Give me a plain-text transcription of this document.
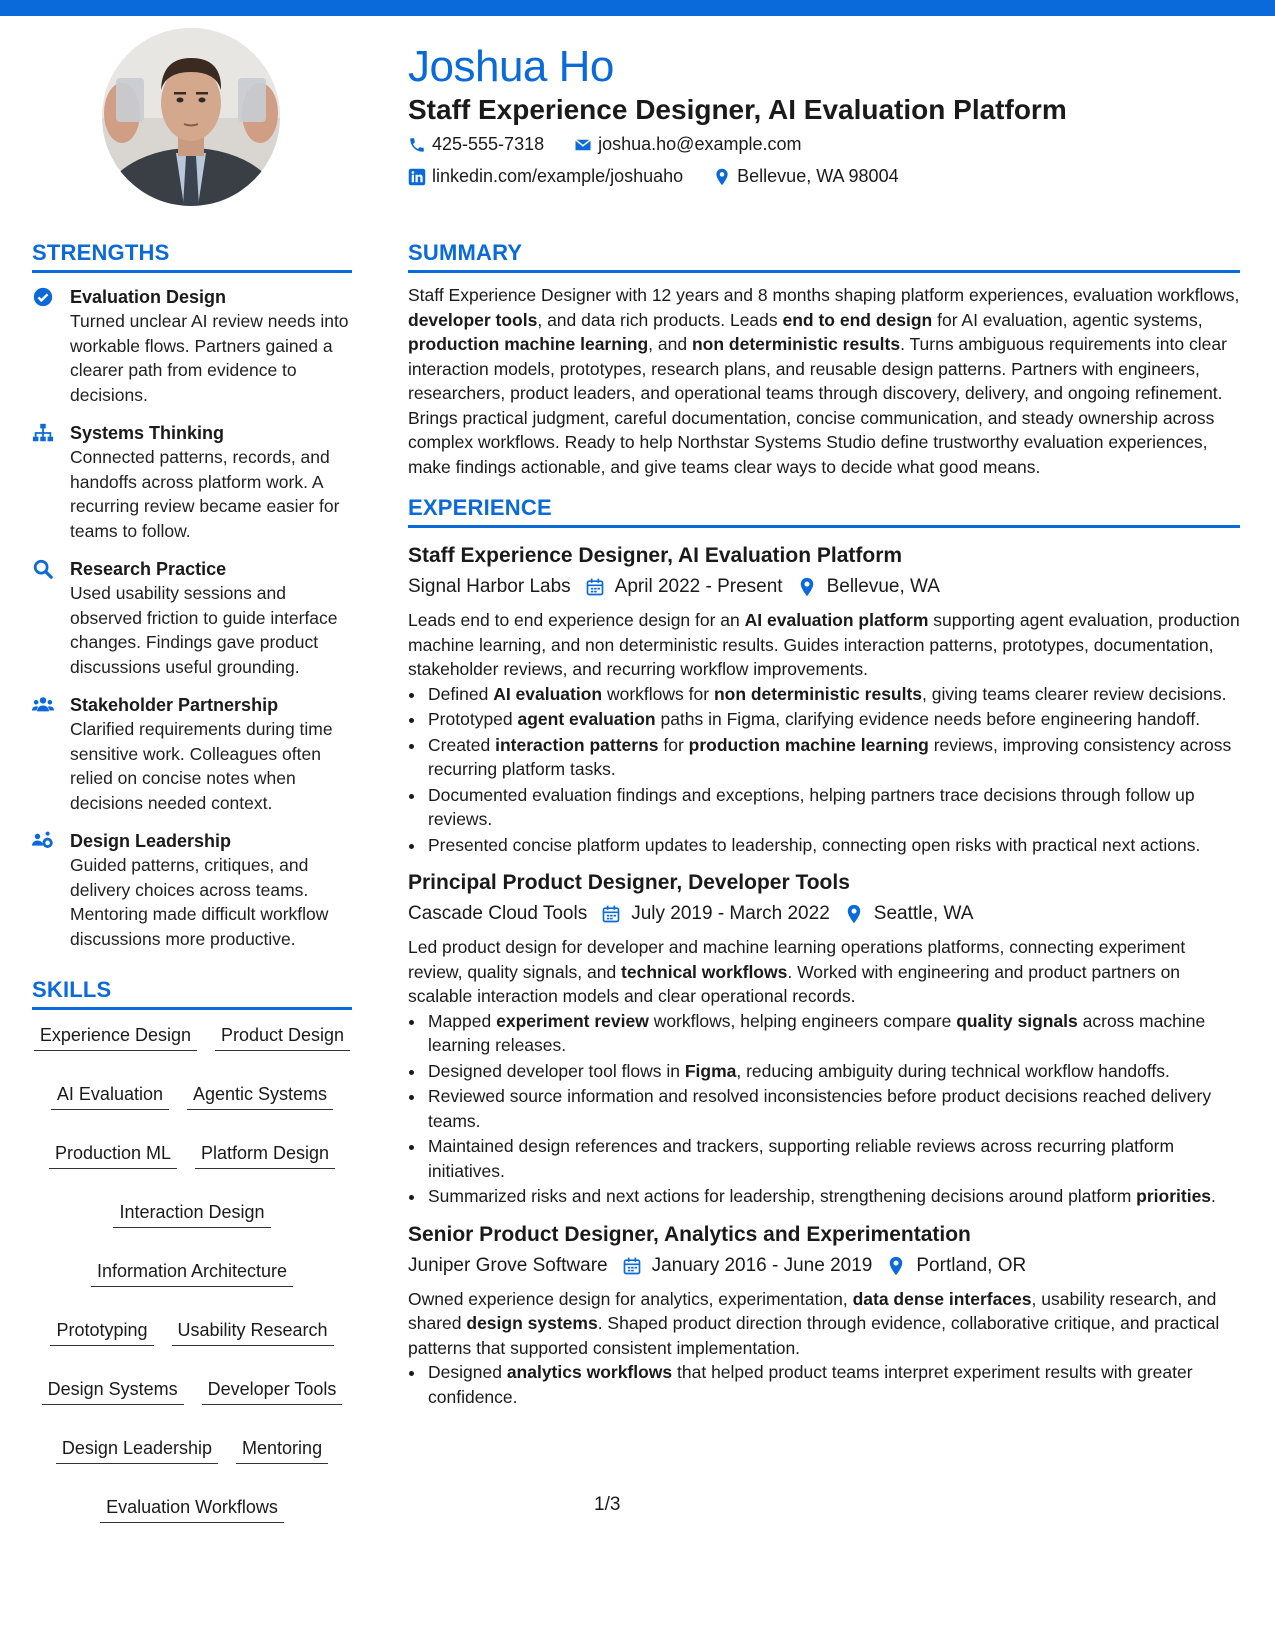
Joshua Ho
Staff Experience Designer, AI Evaluation Platform
425-555-7318	joshua.ho@example.com
linkedin.com/example/joshuaho	Bellevue, WA 98004
STRENGTHS

Evaluation Design

Turned unclear AI review needs into workable flows. Partners gained a clearer path from evidence to decisions.

Systems Thinking

Connected patterns, records, and handoffs across platform work. A recurring review became easier for teams to follow.

Research Practice

Used usability sessions and observed friction to guide interface changes. Findings gave product discussions useful grounding.

Stakeholder Partnership

Clarified requirements during time sensitive work. Colleagues often relied on concise notes when decisions needed context.

Design Leadership

Guided patterns, critiques, and delivery choices across teams. Mentoring made difficult workflow discussions more productive.

SKILLS
Experience Design	Product Design
AI Evaluation	Agentic Systems
Production ML	Platform Design
Interaction Design
Information Architecture
Prototyping	Usability Research
Design Systems	Developer Tools
Design Leadership	Mentoring
Evaluation Workflows
SUMMARY

Staff Experience Designer with 12 years and 8 months shaping platform experiences, evaluation workflows, developer tools, and data rich products. Leads end to end design for AI evaluation, agentic systems, production machine learning, and non deterministic results. Turns ambiguous requirements into clear interaction models, prototypes, research plans, and reusable design patterns. Partners with engineers, researchers, product leaders, and operational teams through discovery, delivery, and ongoing refinement. Brings practical judgment, careful documentation, concise communication, and steady ownership across complex workflows. Ready to help Northstar Systems Studio define trustworthy evaluation experiences, make findings actionable, and give teams clear ways to decide what good means.

EXPERIENCE

Staff Experience Designer, AI Evaluation Platform

Signal Harbor Labs April 2022 - Present Bellevue, WA

Leads end to end experience design for an AI evaluation platform supporting agent evaluation, production machine learning, and non deterministic results. Guides interaction patterns, prototypes, documentation, stakeholder reviews, and recurring workflow improvements.

• Defined AI evaluation workflows for non deterministic results, giving teams clearer review decisions.
• Prototyped agent evaluation paths in Figma, clarifying evidence needs before engineering handoff.
• Created interaction patterns for production machine learning reviews, improving consistency across recurring platform tasks.
• Documented evaluation findings and exceptions, helping partners trace decisions through follow up reviews.
• Presented concise platform updates to leadership, connecting open risks with practical next actions.

Principal Product Designer, Developer Tools

Cascade Cloud Tools July 2019 - March 2022 Seattle, WA

Led product design for developer and machine learning operations platforms, connecting experiment review, quality signals, and technical workflows. Worked with engineering and product partners on scalable interaction models and clear operational records.

• Mapped experiment review workflows, helping engineers compare quality signals across machine learning releases.
• Designed developer tool flows in Figma, reducing ambiguity during technical workflow handoffs.
• Reviewed source information and resolved inconsistencies before product decisions reached delivery teams.
• Maintained design references and trackers, supporting reliable reviews across recurring platform initiatives.
• Summarized risks and next actions for leadership, strengthening decisions around platform priorities.

Senior Product Designer, Analytics and Experimentation

Juniper Grove Software January 2016 - June 2019 Portland, OR

Owned experience design for analytics, experimentation, data dense interfaces, usability research, and shared design systems. Shaped product direction through evidence, collaborative critique, and practical patterns that supported consistent implementation.

• Designed analytics workflows that helped product teams interpret experiment results with greater confidence.
1/3
